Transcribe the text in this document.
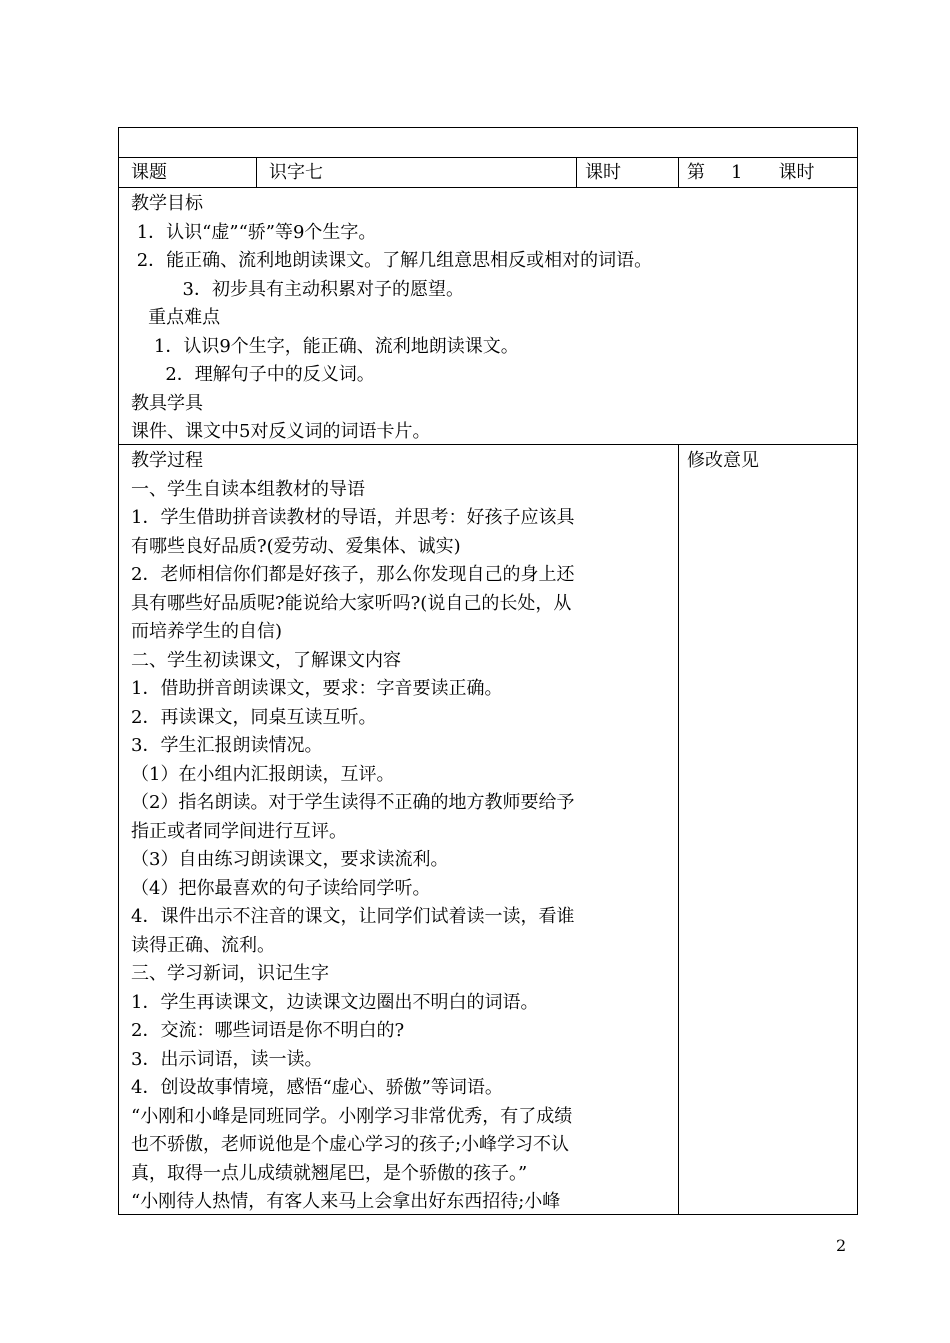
课题	识字七	课时	第 1 课时
教学目标
1．认识“虚”“骄”等9个生字。
2．能正确、流利地朗读课文。了解几组意思相反或相对的词语。
3．初步具有主动积累对子的愿望。
重点难点
1．认识9个生字，能正确、流利地朗读课文。
2．理解句子中的反义词。
教具学具
课件、课文中5对反义词的词语卡片。
教学过程
一、学生自读本组教材的导语
1．学生借助拼音读教材的导语，并思考：好孩子应该具
有哪些良好品质?(爱劳动、爱集体、诚实)
2．老师相信你们都是好孩子，那么你发现自己的身上还
具有哪些好品质呢?能说给大家听吗?(说自己的长处，从
而培养学生的自信)
二、学生初读课文，了解课文内容
1．借助拼音朗读课文，要求：字音要读正确。
2．再读课文，同桌互读互听。
3．学生汇报朗读情况。
（1）在小组内汇报朗读，互评。
（2）指名朗读。对于学生读得不正确的地方教师要给予
指正或者同学间进行互评。
（3）自由练习朗读课文，要求读流利。
（4）把你最喜欢的句子读给同学听。
4．课件出示不注音的课文，让同学们试着读一读，看谁
读得正确、流利。
三、学习新词，识记生字
1．学生再读课文，边读课文边圈出不明白的词语。
2．交流：哪些词语是你不明白的?
3．出示词语，读一读。
4．创设故事情境，感悟“虚心、骄傲”等词语。
“小刚和小峰是同班同学。小刚学习非常优秀，有了成绩
也不骄傲，老师说他是个虚心学习的孩子;小峰学习不认
真，取得一点儿成绩就翘尾巴，是个骄傲的孩子。”
“小刚待人热情，有客人来马上会拿出好东西招待;小峰
修改意见
2
